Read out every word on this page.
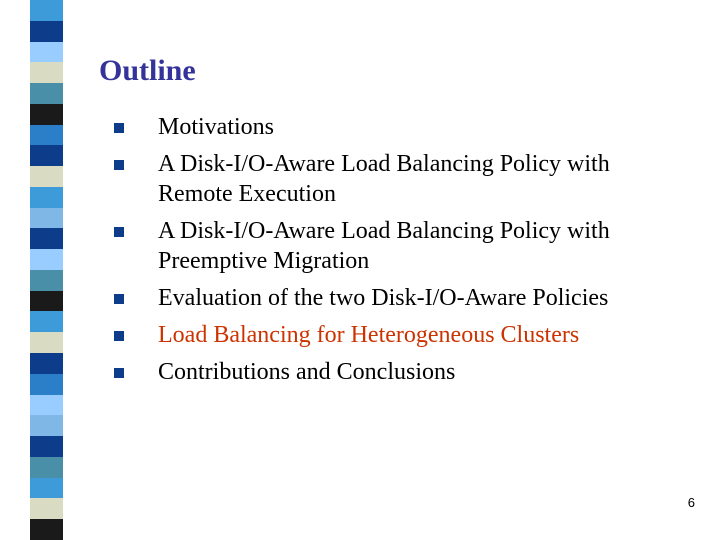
Outline
Motivations
A Disk-I/O-Aware Load Balancing Policy with Remote Execution
A Disk-I/O-Aware Load Balancing Policy with Preemptive Migration
Evaluation of the two Disk-I/O-Aware Policies
Load Balancing for Heterogeneous Clusters
Contributions and Conclusions
6
